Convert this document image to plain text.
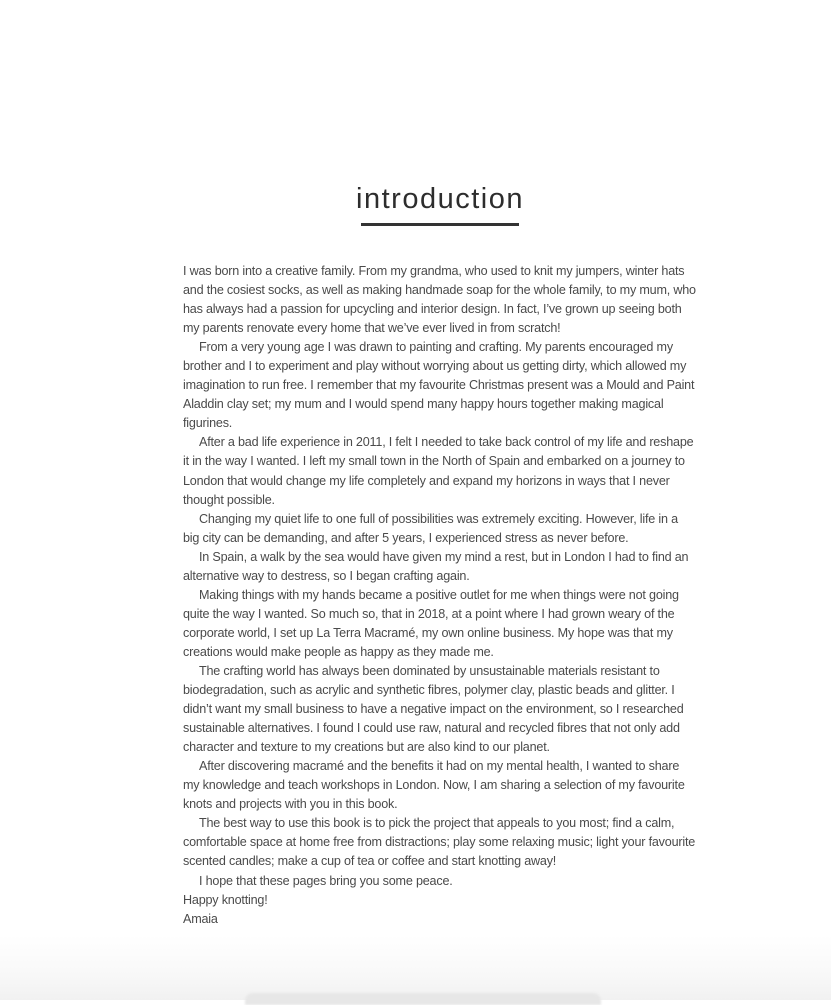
introduction

I was born into a creative family. From my grandma, who used to knit my jumpers, winter hats and the cosiest socks, as well as making handmade soap for the whole family, to my mum, who has always had a passion for upcycling and interior design. In fact, I’ve grown up seeing both my parents renovate every home that we’ve ever lived in from scratch!

From a very young age I was drawn to painting and crafting. My parents encouraged my brother and I to experiment and play without worrying about us getting dirty, which allowed my imagination to run free. I remember that my favourite Christmas present was a Mould and Paint Aladdin clay set; my mum and I would spend many happy hours together making magical figurines.

After a bad life experience in 2011, I felt I needed to take back control of my life and reshape it in the way I wanted. I left my small town in the North of Spain and embarked on a journey to London that would change my life completely and expand my horizons in ways that I never thought possible.

Changing my quiet life to one full of possibilities was extremely exciting. However, life in a big city can be demanding, and after 5 years, I experienced stress as never before.

In Spain, a walk by the sea would have given my mind a rest, but in London I had to find an alternative way to destress, so I began crafting again.

Making things with my hands became a positive outlet for me when things were not going quite the way I wanted. So much so, that in 2018, at a point where I had grown weary of the corporate world, I set up La Terra Macramé, my own online business. My hope was that my creations would make people as happy as they made me.

The crafting world has always been dominated by unsustainable materials resistant to biodegradation, such as acrylic and synthetic fibres, polymer clay, plastic beads and glitter. I didn’t want my small business to have a negative impact on the environment, so I researched sustainable alternatives. I found I could use raw, natural and recycled fibres that not only add character and texture to my creations but are also kind to our planet.

After discovering macramé and the benefits it had on my mental health, I wanted to share my knowledge and teach workshops in London. Now, I am sharing a selection of my favourite knots and projects with you in this book.

The best way to use this book is to pick the project that appeals to you most; find a calm, comfortable space at home free from distractions; play some relaxing music; light your favourite scented candles; make a cup of tea or coffee and start knotting away!

I hope that these pages bring you some peace.

Happy knotting!

Amaia
